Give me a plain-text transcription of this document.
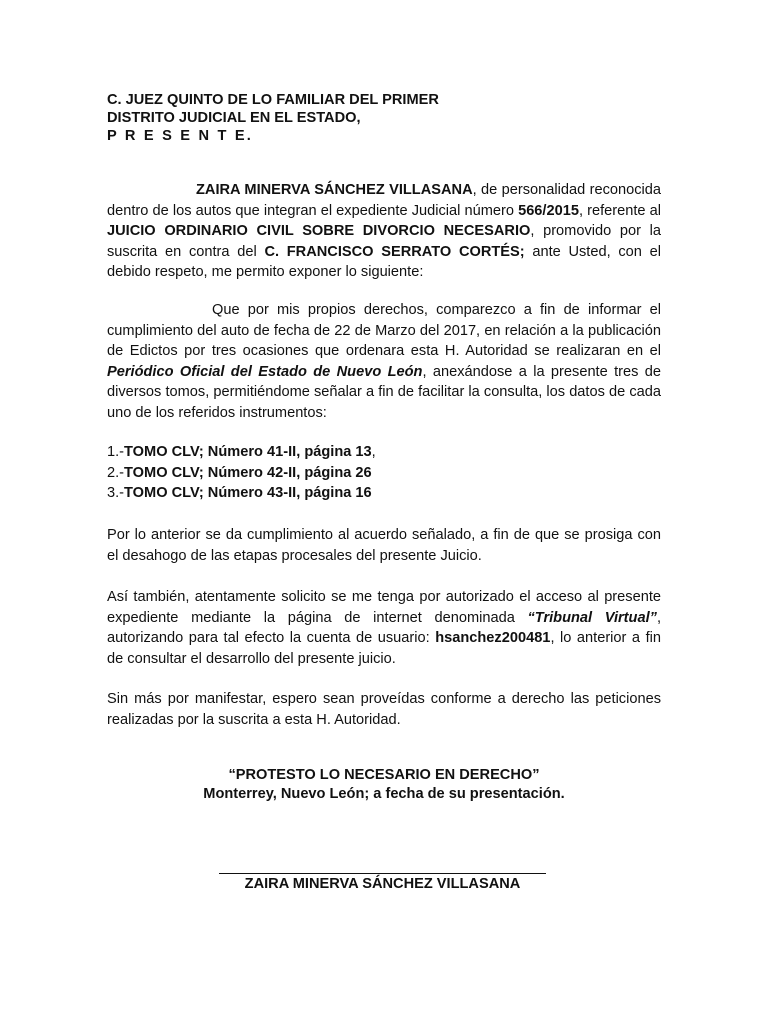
C. JUEZ QUINTO DE LO FAMILIAR DEL PRIMER
DISTRITO JUDICIAL EN EL ESTADO,
P R E S E N T E.
ZAIRA MINERVA SÁNCHEZ VILLASANA, de personalidad reconocida dentro de los autos que integran el expediente Judicial número 566/2015, referente al JUICIO ORDINARIO CIVIL SOBRE DIVORCIO NECESARIO, promovido por la suscrita en contra del C. FRANCISCO SERRATO CORTÉS; ante Usted, con el debido respeto, me permito exponer lo siguiente:
Que por mis propios derechos, comparezco a fin de informar el cumplimiento del auto de fecha de 22 de Marzo del 2017, en relación a la publicación de Edictos por tres ocasiones que ordenara esta H. Autoridad se realizaran en el Periódico Oficial del Estado de Nuevo León, anexándose a la presente tres de diversos tomos, permitiéndome señalar a fin de facilitar la consulta, los datos de cada uno de los referidos instrumentos:
1.-TOMO CLV; Número 41-II, página 13,
2.-TOMO CLV; Número 42-II, página 26
3.-TOMO CLV; Número 43-II, página 16
Por lo anterior se da cumplimiento al acuerdo señalado, a fin de que se prosiga con el desahogo de las etapas procesales del presente Juicio.
Así también, atentamente solicito se me tenga por autorizado el acceso al presente expediente mediante la página de internet denominada “Tribunal Virtual”, autorizando para tal efecto la cuenta de usuario: hsanchez200481, lo anterior a fin de consultar el desarrollo del presente juicio.
Sin más por manifestar, espero sean proveídas conforme a derecho las peticiones realizadas por la suscrita a esta H. Autoridad.
“PROTESTO LO NECESARIO EN DERECHO”
Monterrey, Nuevo León; a fecha de su presentación.
ZAIRA MINERVA SÁNCHEZ VILLASANA
